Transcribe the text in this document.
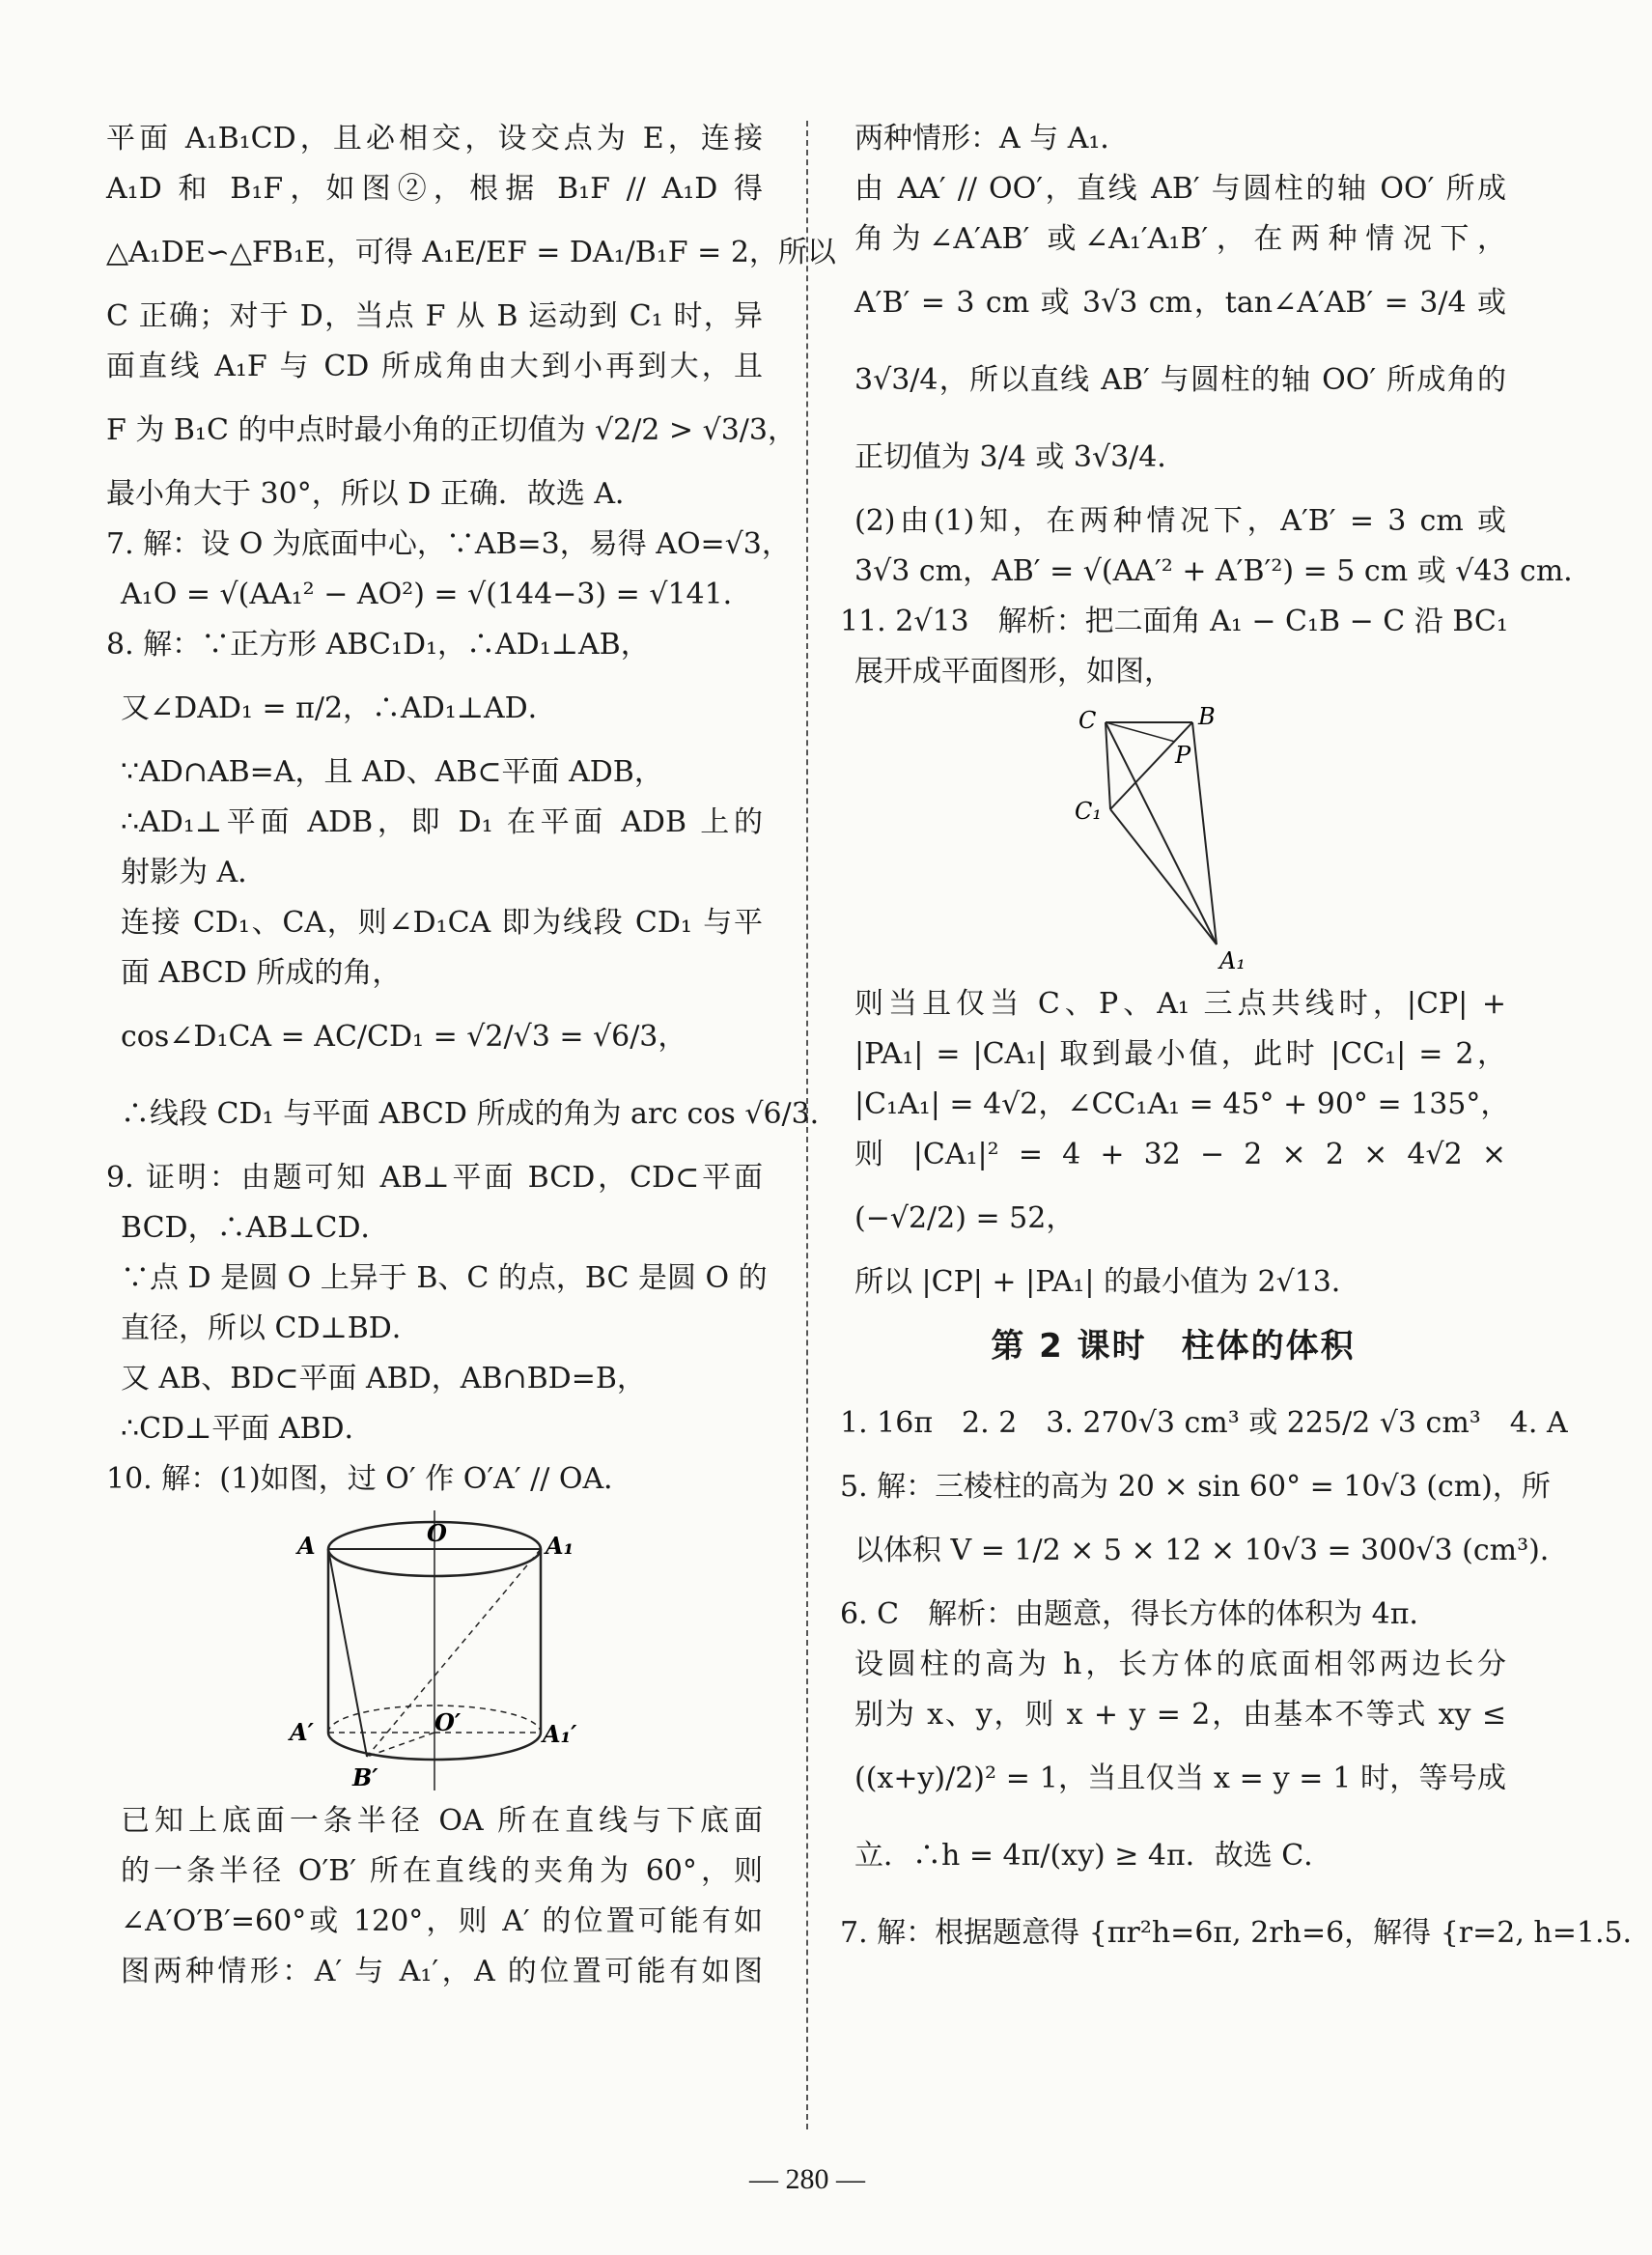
平面 A₁B₁CD，且必相交，设交点为 E，连接
A₁D 和 B₁F，如图②，根据 B₁F // A₁D 得
△A₁DE∽△FB₁E，可得 A₁E/EF = DA₁/B₁F = 2，所以
C 正确；对于 D，当点 F 从 B 运动到 C₁ 时，异
面直线 A₁F 与 CD 所成角由大到小再到大，且
F 为 B₁C 的中点时最小角的正切值为 √2/2 > √3/3，
最小角大于 30°，所以 D 正确．故选 A．
7. 解：设 O 为底面中心，∵AB=3，易得 AO=√3，
A₁O = √(AA₁² − AO²) = √(144−3) = √141．
8. 解：∵正方形 ABC₁D₁，∴AD₁⊥AB，
又∠DAD₁ = π/2，∴AD₁⊥AD．
∵AD∩AB=A，且 AD、AB⊂平面 ADB，
∴AD₁⊥平面 ADB，即 D₁ 在平面 ADB 上的
射影为 A．
连接 CD₁、CA，则∠D₁CA 即为线段 CD₁ 与平
面 ABCD 所成的角，
cos∠D₁CA = AC/CD₁ = √2/√3 = √6/3，
∴线段 CD₁ 与平面 ABCD 所成的角为 arc cos √6/3．
9. 证明：由题可知 AB⊥平面 BCD，CD⊂平面
BCD，∴AB⊥CD．
∵点 D 是圆 O 上异于 B、C 的点，BC 是圆 O 的
直径，所以 CD⊥BD．
又 AB、BD⊂平面 ABD，AB∩BD=B，
∴CD⊥平面 ABD．
10. 解：(1)如图，过 O′ 作 O′A′ // OA．
A	O	A₁
A′	O′	A₁′
B′
已知上底面一条半径 OA 所在直线与下底面
的一条半径 O′B′ 所在直线的夹角为 60°，则
∠A′O′B′=60°或 120°，则 A′ 的位置可能有如
图两种情形：A′ 与 A₁′，A 的位置可能有如图
两种情形：A 与 A₁．
由 AA′ // OO′，直线 AB′ 与圆柱的轴 OO′ 所成
角为∠A′AB′ 或∠A₁′A₁B′，在两种情况下，
A′B′ = 3 cm 或 3√3 cm，tan∠A′AB′ = 3/4 或
3√3/4，所以直线 AB′ 与圆柱的轴 OO′ 所成角的
正切值为 3/4 或 3√3/4．
(2)由(1)知，在两种情况下，A′B′ = 3 cm 或
3√3 cm，AB′ = √(AA′² + A′B′²) = 5 cm 或 √43 cm．
11. 2√13　解析：把二面角 A₁ − C₁B − C 沿 BC₁
展开成平面图形，如图，
C	B
P
C₁
A₁
则当且仅当 C、P、A₁ 三点共线时，|CP| +
|PA₁| = |CA₁| 取到最小值，此时 |CC₁| = 2，
|C₁A₁| = 4√2，∠CC₁A₁ = 45° + 90° = 135°，
则 |CA₁|² = 4 + 32 − 2 × 2 × 4√2 ×
(−√2/2) = 52，
所以 |CP| + |PA₁| 的最小值为 2√13．
第 2 课时　柱体的体积
1. 16π　2. 2　3. 270√3 cm³ 或 225/2 √3 cm³　4. A
5. 解：三棱柱的高为 20 × sin 60° = 10√3 (cm)，所
以体积 V = 1/2 × 5 × 12 × 10√3 = 300√3 (cm³)．
6. C　解析：由题意，得长方体的体积为 4π．
设圆柱的高为 h，长方体的底面相邻两边长分
别为 x、y，则 x + y = 2，由基本不等式 xy ≤
((x+y)/2)² = 1，当且仅当 x = y = 1 时，等号成
立．∴h = 4π/(xy) ≥ 4π．故选 C．
7. 解：根据题意得 {πr²h=6π, 2rh=6，解得 {r=2, h=1.5．
— 280 —
